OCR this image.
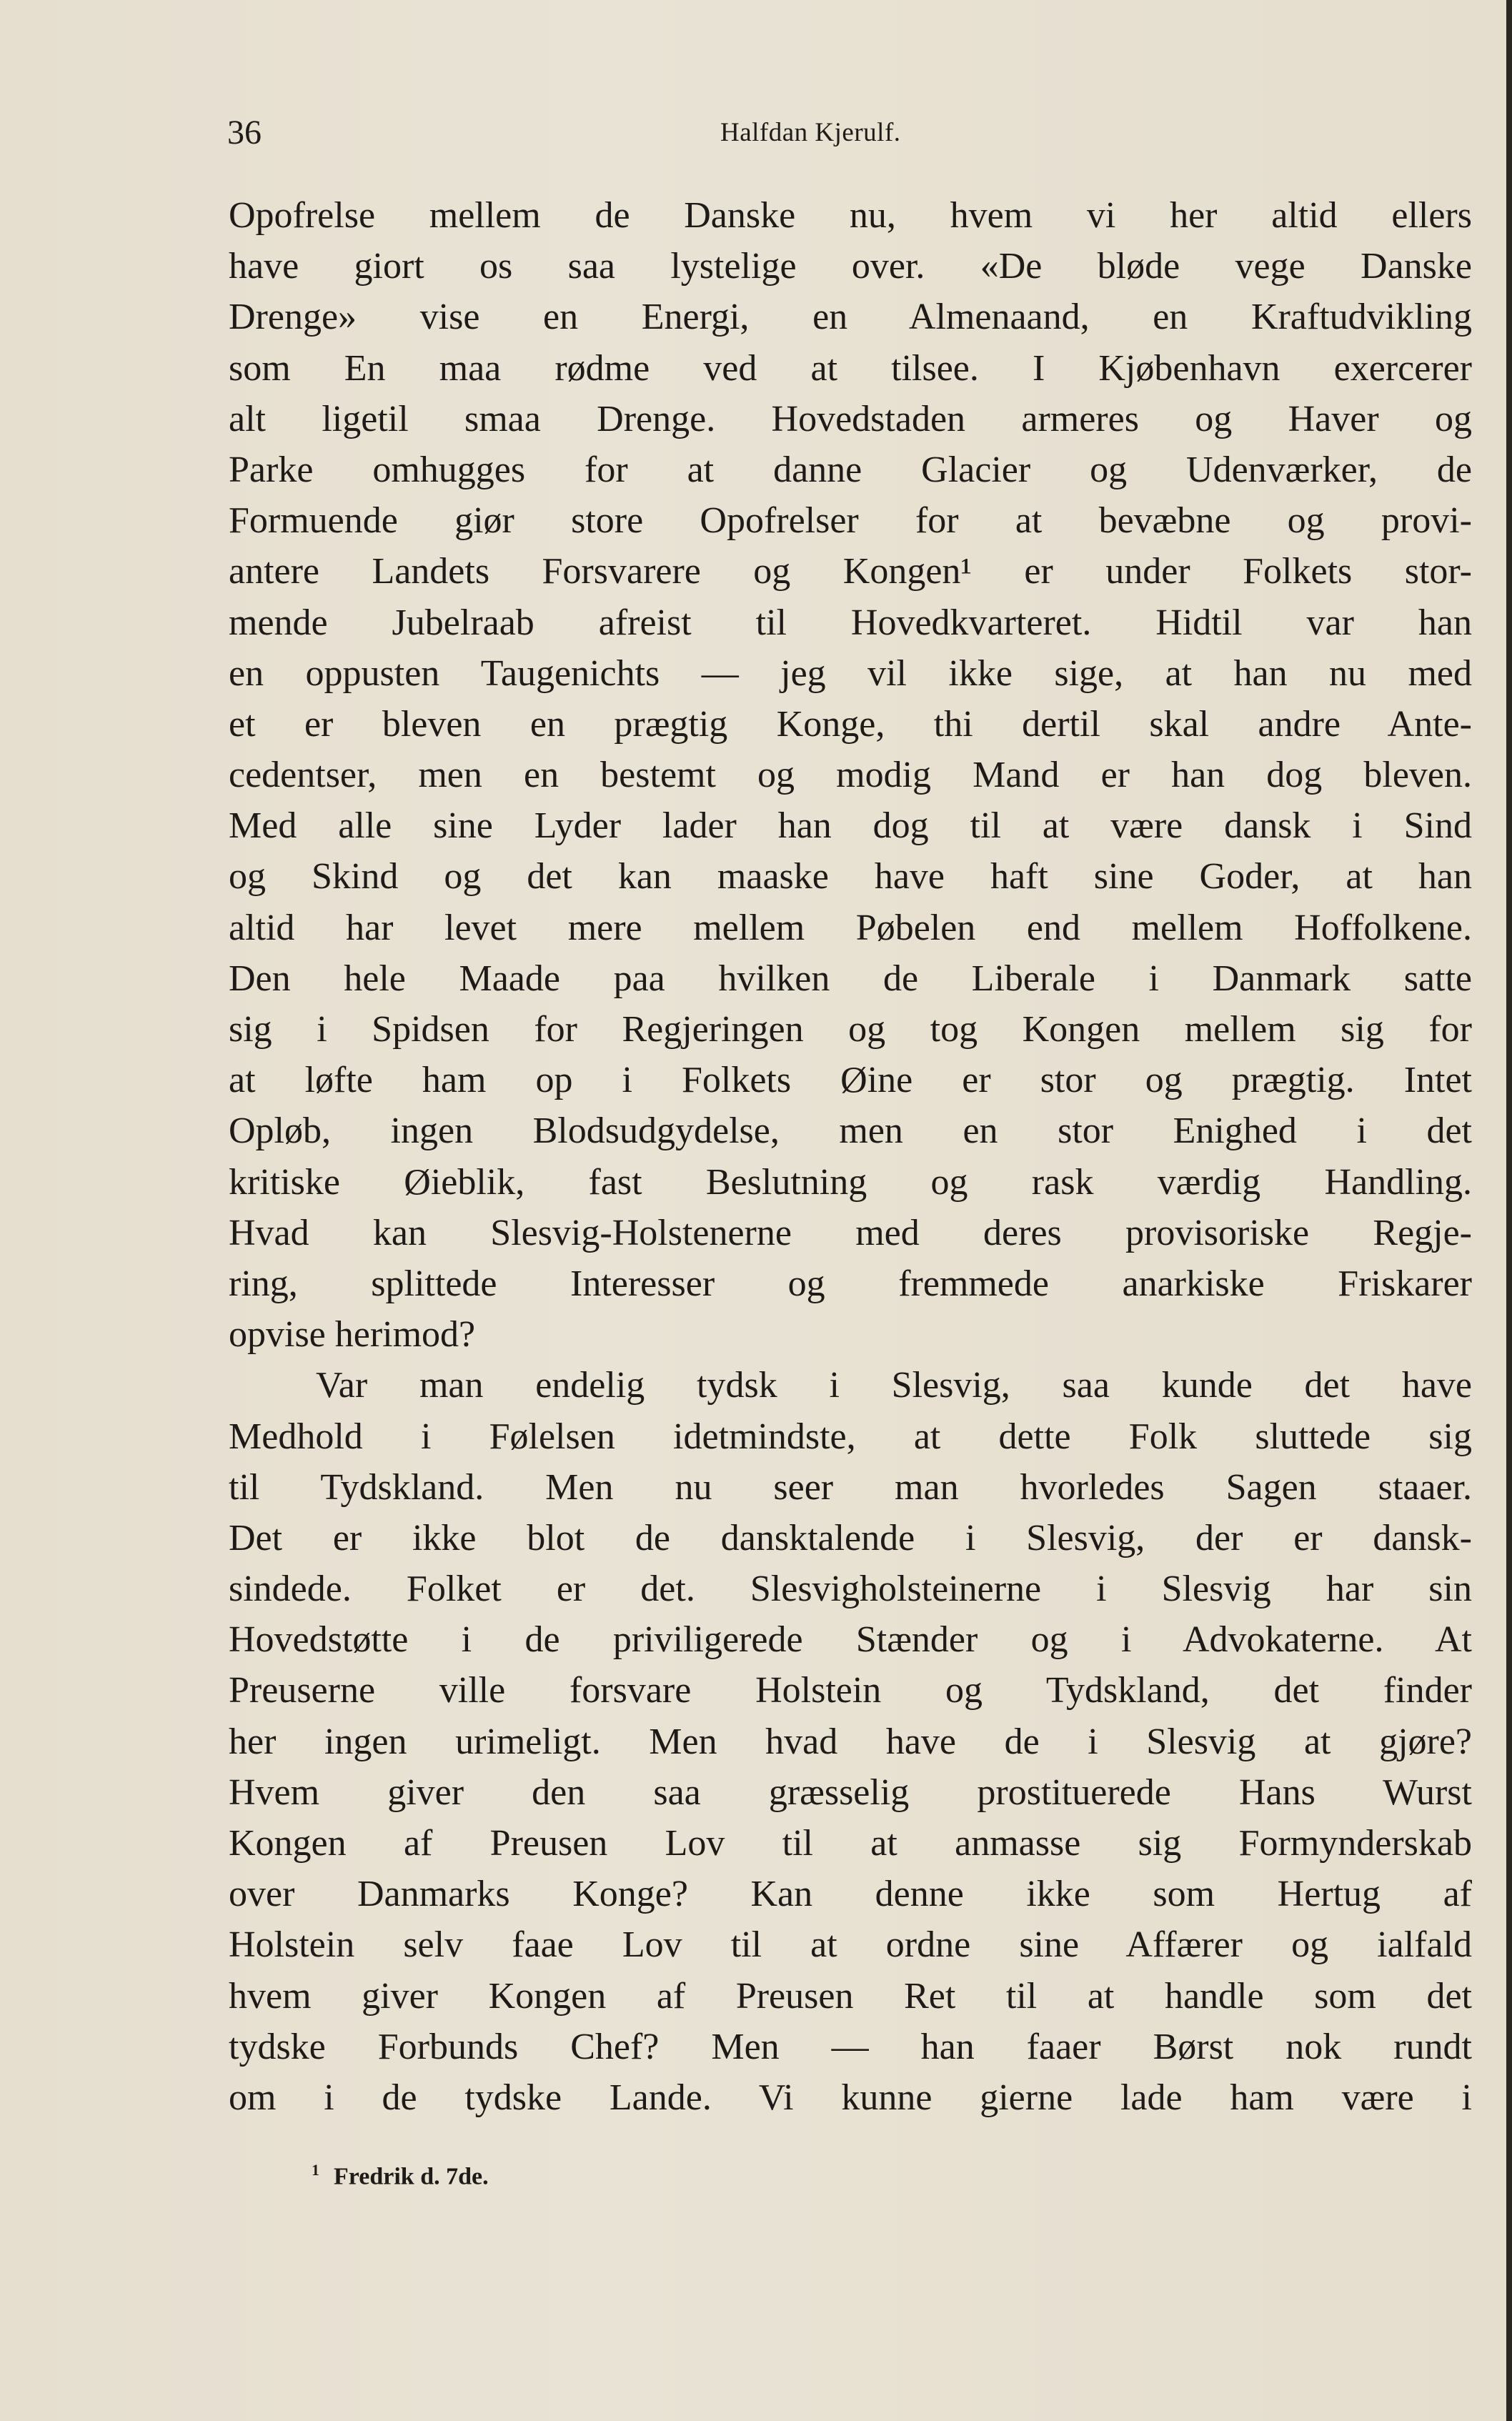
36	Halfdan Kjerulf.
Opofrelse mellem de Danske nu, hvem vi her altid ellers
have giort os saa lystelige over. «De bløde vege Danske
Drenge» vise en Energi, en Almenaand, en Kraftudvikling
som En maa rødme ved at tilsee. I Kjøbenhavn exercerer
alt ligetil smaa Drenge. Hovedstaden armeres og Haver og
Parke omhugges for at danne Glacier og Udenværker, de
Formuende giør store Opofrelser for at bevæbne og provi-
antere Landets Forsvarere og Kongen¹ er under Folkets stor-
mende Jubelraab afreist til Hovedkvarteret. Hidtil var han
en oppusten Taugenichts — jeg vil ikke sige, at han nu med
et er bleven en prægtig Konge, thi dertil skal andre Ante-
cedentser, men en bestemt og modig Mand er han dog bleven.
Med alle sine Lyder lader han dog til at være dansk i Sind
og Skind og det kan maaske have haft sine Goder, at han
altid har levet mere mellem Pøbelen end mellem Hoffolkene.
Den hele Maade paa hvilken de Liberale i Danmark satte
sig i Spidsen for Regjeringen og tog Kongen mellem sig for
at løfte ham op i Folkets Øine er stor og prægtig. Intet
Opløb, ingen Blodsudgydelse, men en stor Enighed i det
kritiske Øieblik, fast Beslutning og rask værdig Handling.
Hvad kan Slesvig-Holstenerne med deres provisoriske Regje-
ring, splittede Interesser og fremmede anarkiske Friskarer
opvise herimod?
Var man endelig tydsk i Slesvig, saa kunde det have
Medhold i Følelsen idetmindste, at dette Folk sluttede sig
til Tydskland. Men nu seer man hvorledes Sagen staaer.
Det er ikke blot de dansktalende i Slesvig, der er dansk-
sindede. Folket er det. Slesvigholsteinerne i Slesvig har sin
Hovedstøtte i de priviligerede Stænder og i Advokaterne. At
Preuserne ville forsvare Holstein og Tydskland, det finder
her ingen urimeligt. Men hvad have de i Slesvig at gjøre?
Hvem giver den saa græsselig prostituerede Hans Wurst
Kongen af Preusen Lov til at anmasse sig Formynderskab
over Danmarks Konge? Kan denne ikke som Hertug af
Holstein selv faae Lov til at ordne sine Affærer og ialfald
hvem giver Kongen af Preusen Ret til at handle som det
tydske Forbunds Chef? Men — han faaer Børst nok rundt
om i de tydske Lande. Vi kunne gierne lade ham være i
$^1$ Fredrik d. 7de.
